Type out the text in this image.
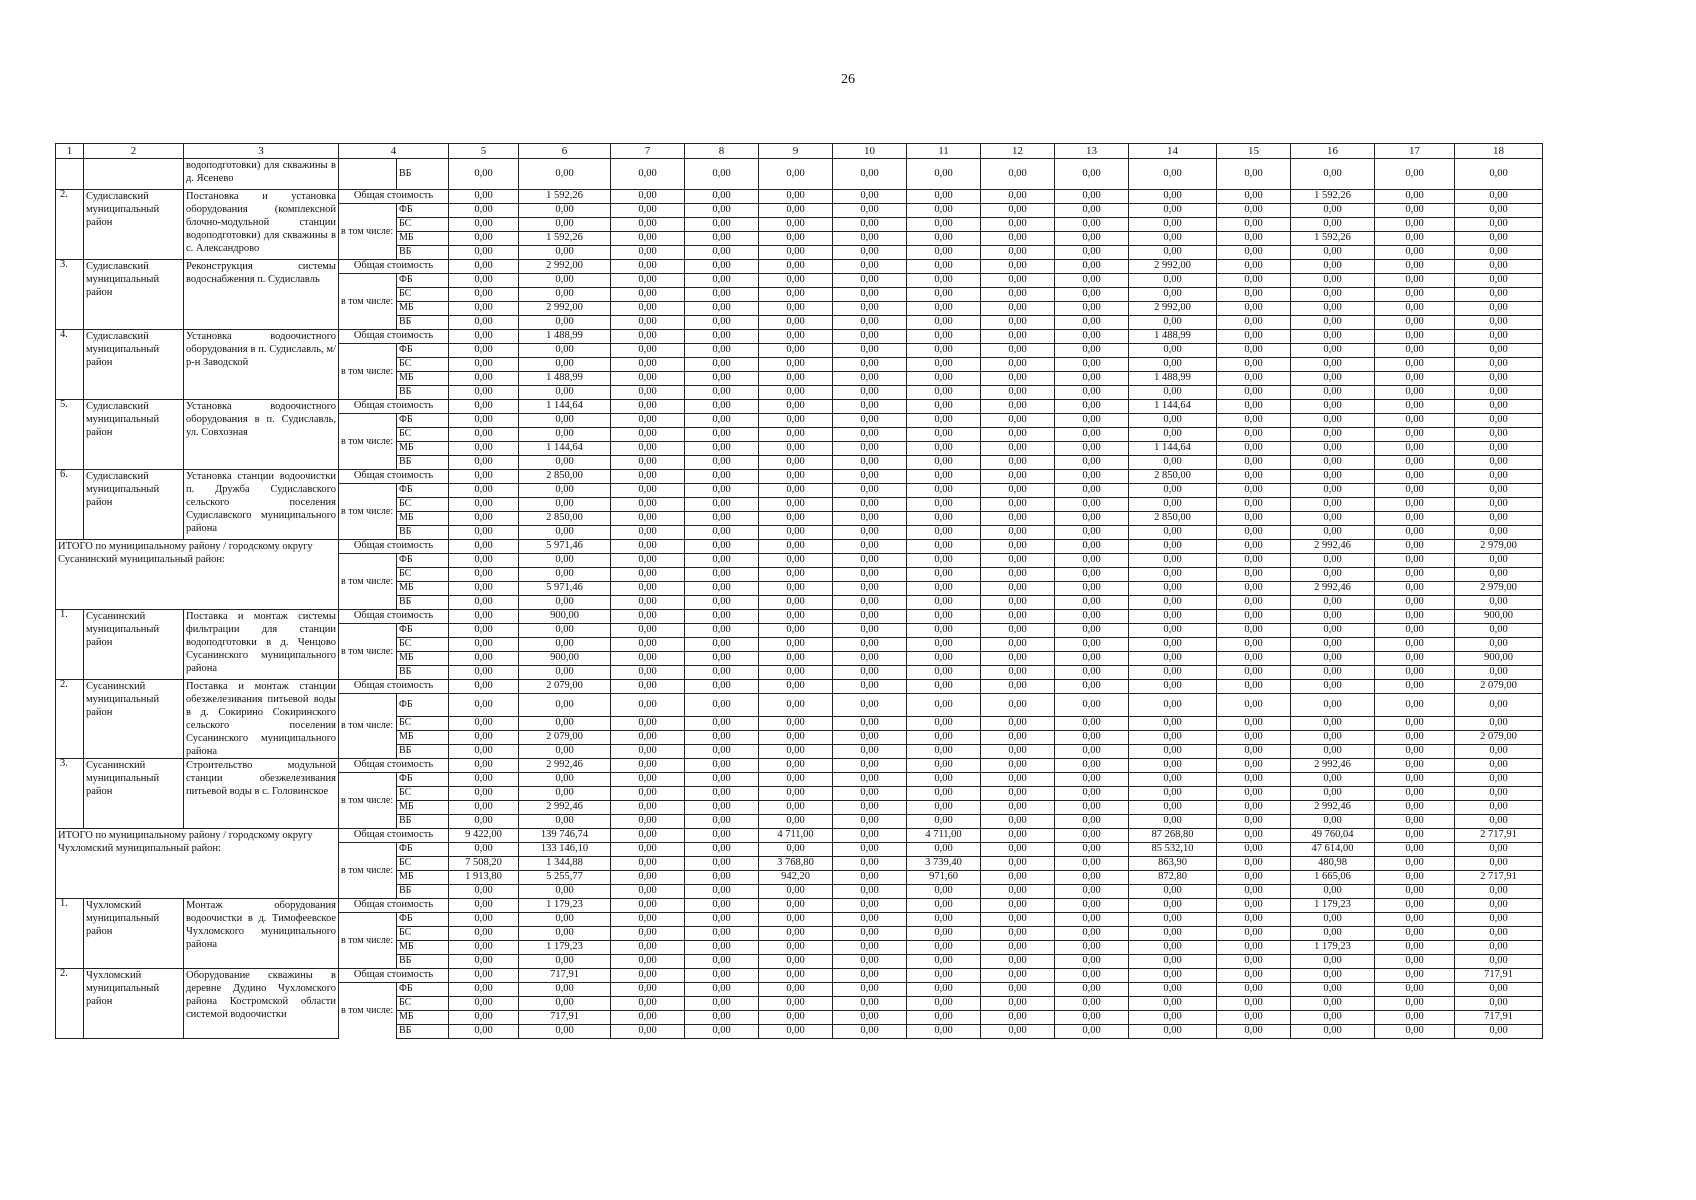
26
1	2	3	4		5	6	7	8	9	10	11	12	13	14	15	16	17	18
		водоподготовки) для скважины в д. Ясенево		ВБ	0,00	0,00	0,00	0,00	0,00	0,00	0,00	0,00	0,00	0,00	0,00	0,00	0,00	0,00
2.	Судиславский муниципальный район	Постановка и установка оборудования (комплексной блочно-модульной станции водоподготовки) для скважины в с. Александрово	Общая стоимость		0,00	1 592,26	0,00	0,00	0,00	0,00	0,00	0,00	0,00	0,00	0,00	1 592,26	0,00	0,00
			в том числе:	ФБ	0,00	0,00	0,00	0,00	0,00	0,00	0,00	0,00	0,00	0,00	0,00	0,00	0,00	0,00
				БС	0,00	0,00	0,00	0,00	0,00	0,00	0,00	0,00	0,00	0,00	0,00	0,00	0,00	0,00
				МБ	0,00	1 592,26	0,00	0,00	0,00	0,00	0,00	0,00	0,00	0,00	0,00	1 592,26	0,00	0,00
				ВБ	0,00	0,00	0,00	0,00	0,00	0,00	0,00	0,00	0,00	0,00	0,00	0,00	0,00	0,00
3.	Судиславский муниципальный район	Реконструкция системы водоснабжения п. Судиславль	Общая стоимость		0,00	2 992,00	0,00	0,00	0,00	0,00	0,00	0,00	0,00	2 992,00	0,00	0,00	0,00	0,00
			в том числе:	ФБ	0,00	0,00	0,00	0,00	0,00	0,00	0,00	0,00	0,00	0,00	0,00	0,00	0,00	0,00
				БС	0,00	0,00	0,00	0,00	0,00	0,00	0,00	0,00	0,00	0,00	0,00	0,00	0,00	0,00
				МБ	0,00	2 992,00	0,00	0,00	0,00	0,00	0,00	0,00	0,00	2 992,00	0,00	0,00	0,00	0,00
				ВБ	0,00	0,00	0,00	0,00	0,00	0,00	0,00	0,00	0,00	0,00	0,00	0,00	0,00	0,00
4.	Судиславский муниципальный район	Установка водоочистного оборудования в п. Судиславль, м/р-н Заводской	Общая стоимость		0,00	1 488,99	0,00	0,00	0,00	0,00	0,00	0,00	0,00	1 488,99	0,00	0,00	0,00	0,00
			в том числе:	ФБ	0,00	0,00	0,00	0,00	0,00	0,00	0,00	0,00	0,00	0,00	0,00	0,00	0,00	0,00
				БС	0,00	0,00	0,00	0,00	0,00	0,00	0,00	0,00	0,00	0,00	0,00	0,00	0,00	0,00
				МБ	0,00	1 488,99	0,00	0,00	0,00	0,00	0,00	0,00	0,00	1 488,99	0,00	0,00	0,00	0,00
				ВБ	0,00	0,00	0,00	0,00	0,00	0,00	0,00	0,00	0,00	0,00	0,00	0,00	0,00	0,00
5.	Судиславский муниципальный район	Установка водоочистного оборудования в п. Судиславль, ул. Совхозная	Общая стоимость		0,00	1 144,64	0,00	0,00	0,00	0,00	0,00	0,00	0,00	1 144,64	0,00	0,00	0,00	0,00
			в том числе:	ФБ	0,00	0,00	0,00	0,00	0,00	0,00	0,00	0,00	0,00	0,00	0,00	0,00	0,00	0,00
				БС	0,00	0,00	0,00	0,00	0,00	0,00	0,00	0,00	0,00	0,00	0,00	0,00	0,00	0,00
				МБ	0,00	1 144,64	0,00	0,00	0,00	0,00	0,00	0,00	0,00	1 144,64	0,00	0,00	0,00	0,00
				ВБ	0,00	0,00	0,00	0,00	0,00	0,00	0,00	0,00	0,00	0,00	0,00	0,00	0,00	0,00
6.	Судиславский муниципальный район	Установка станции водоочистки п. Дружба Судиславского сельского поселения Судиславского муниципального района	Общая стоимость		0,00	2 850,00	0,00	0,00	0,00	0,00	0,00	0,00	0,00	2 850,00	0,00	0,00	0,00	0,00
			в том числе:	ФБ	0,00	0,00	0,00	0,00	0,00	0,00	0,00	0,00	0,00	0,00	0,00	0,00	0,00	0,00
				БС	0,00	0,00	0,00	0,00	0,00	0,00	0,00	0,00	0,00	0,00	0,00	0,00	0,00	0,00
				МБ	0,00	2 850,00	0,00	0,00	0,00	0,00	0,00	0,00	0,00	2 850,00	0,00	0,00	0,00	0,00
				ВБ	0,00	0,00	0,00	0,00	0,00	0,00	0,00	0,00	0,00	0,00	0,00	0,00	0,00	0,00
ИТОГО по муниципальному району / городскому округу Сусанинский муниципальный район:			Общая стоимость		0,00	5 971,46	0,00	0,00	0,00	0,00	0,00	0,00	0,00	0,00	0,00	2 992,46	0,00	2 979,00
			в том числе:	ФБ	0,00	0,00	0,00	0,00	0,00	0,00	0,00	0,00	0,00	0,00	0,00	0,00	0,00	0,00
				БС	0,00	0,00	0,00	0,00	0,00	0,00	0,00	0,00	0,00	0,00	0,00	0,00	0,00	0,00
				МБ	0,00	5 971,46	0,00	0,00	0,00	0,00	0,00	0,00	0,00	0,00	0,00	2 992,46	0,00	2 979,00
				ВБ	0,00	0,00	0,00	0,00	0,00	0,00	0,00	0,00	0,00	0,00	0,00	0,00	0,00	0,00
1.	Сусанинский муниципальный район	Поставка и монтаж системы фильтрации для станции водоподготовки в д. Ченцово Сусанинского муниципального района	Общая стоимость		0,00	900,00	0,00	0,00	0,00	0,00	0,00	0,00	0,00	0,00	0,00	0,00	0,00	900,00
			в том числе:	ФБ	0,00	0,00	0,00	0,00	0,00	0,00	0,00	0,00	0,00	0,00	0,00	0,00	0,00	0,00
				БС	0,00	0,00	0,00	0,00	0,00	0,00	0,00	0,00	0,00	0,00	0,00	0,00	0,00	0,00
				МБ	0,00	900,00	0,00	0,00	0,00	0,00	0,00	0,00	0,00	0,00	0,00	0,00	0,00	900,00
				ВБ	0,00	0,00	0,00	0,00	0,00	0,00	0,00	0,00	0,00	0,00	0,00	0,00	0,00	0,00
2.	Сусанинский муниципальный район	Поставка и монтаж станции обезжелезивания питьевой воды в д. Сокирино Сокиринского сельского поселения Сусанинского муниципального района	Общая стоимость		0,00	2 079,00	0,00	0,00	0,00	0,00	0,00	0,00	0,00	0,00	0,00	0,00	0,00	2 079,00
			в том числе:	ФБ	0,00	0,00	0,00	0,00	0,00	0,00	0,00	0,00	0,00	0,00	0,00	0,00	0,00	0,00
				БС	0,00	0,00	0,00	0,00	0,00	0,00	0,00	0,00	0,00	0,00	0,00	0,00	0,00	0,00
				МБ	0,00	2 079,00	0,00	0,00	0,00	0,00	0,00	0,00	0,00	0,00	0,00	0,00	0,00	2 079,00
				ВБ	0,00	0,00	0,00	0,00	0,00	0,00	0,00	0,00	0,00	0,00	0,00	0,00	0,00	0,00
3.	Сусанинский муниципальный район	Строительство модульной станции обезжелезивания питьевой воды в с. Головинское	Общая стоимость		0,00	2 992,46	0,00	0,00	0,00	0,00	0,00	0,00	0,00	0,00	0,00	2 992,46	0,00	0,00
			в том числе:	ФБ	0,00	0,00	0,00	0,00	0,00	0,00	0,00	0,00	0,00	0,00	0,00	0,00	0,00	0,00
				БС	0,00	0,00	0,00	0,00	0,00	0,00	0,00	0,00	0,00	0,00	0,00	0,00	0,00	0,00
				МБ	0,00	2 992,46	0,00	0,00	0,00	0,00	0,00	0,00	0,00	0,00	0,00	2 992,46	0,00	0,00
				ВБ	0,00	0,00	0,00	0,00	0,00	0,00	0,00	0,00	0,00	0,00	0,00	0,00	0,00	0,00
ИТОГО по муниципальному району / городскому округу Чухломский муниципальный район:			Общая стоимость		9 422,00	139 746,74	0,00	0,00	4 711,00	0,00	4 711,00	0,00	0,00	87 268,80	0,00	49 760,04	0,00	2 717,91
			в том числе:	ФБ	0,00	133 146,10	0,00	0,00	0,00	0,00	0,00	0,00	0,00	85 532,10	0,00	47 614,00	0,00	0,00
				БС	7 508,20	1 344,88	0,00	0,00	3 768,80	0,00	3 739,40	0,00	0,00	863,90	0,00	480,98	0,00	0,00
				МБ	1 913,80	5 255,77	0,00	0,00	942,20	0,00	971,60	0,00	0,00	872,80	0,00	1 665,06	0,00	2 717,91
				ВБ	0,00	0,00	0,00	0,00	0,00	0,00	0,00	0,00	0,00	0,00	0,00	0,00	0,00	0,00
1.	Чухломский муниципальный район	Монтаж оборудования водоочистки в д. Тимофеевское Чухломского муниципального района	Общая стоимость		0,00	1 179,23	0,00	0,00	0,00	0,00	0,00	0,00	0,00	0,00	0,00	1 179,23	0,00	0,00
			в том числе:	ФБ	0,00	0,00	0,00	0,00	0,00	0,00	0,00	0,00	0,00	0,00	0,00	0,00	0,00	0,00
				БС	0,00	0,00	0,00	0,00	0,00	0,00	0,00	0,00	0,00	0,00	0,00	0,00	0,00	0,00
				МБ	0,00	1 179,23	0,00	0,00	0,00	0,00	0,00	0,00	0,00	0,00	0,00	1 179,23	0,00	0,00
				ВБ	0,00	0,00	0,00	0,00	0,00	0,00	0,00	0,00	0,00	0,00	0,00	0,00	0,00	0,00
2.	Чухломский муниципальный район	Оборудование скважины в деревне Дудино Чухломского района Костромской области системой водоочистки	Общая стоимость		0,00	717,91	0,00	0,00	0,00	0,00	0,00	0,00	0,00	0,00	0,00	0,00	0,00	717,91
			в том числе:	ФБ	0,00	0,00	0,00	0,00	0,00	0,00	0,00	0,00	0,00	0,00	0,00	0,00	0,00	0,00
				БС	0,00	0,00	0,00	0,00	0,00	0,00	0,00	0,00	0,00	0,00	0,00	0,00	0,00	0,00
				МБ	0,00	717,91	0,00	0,00	0,00	0,00	0,00	0,00	0,00	0,00	0,00	0,00	0,00	717,91
				ВБ	0,00	0,00	0,00	0,00	0,00	0,00	0,00	0,00	0,00	0,00	0,00	0,00	0,00	0,00
